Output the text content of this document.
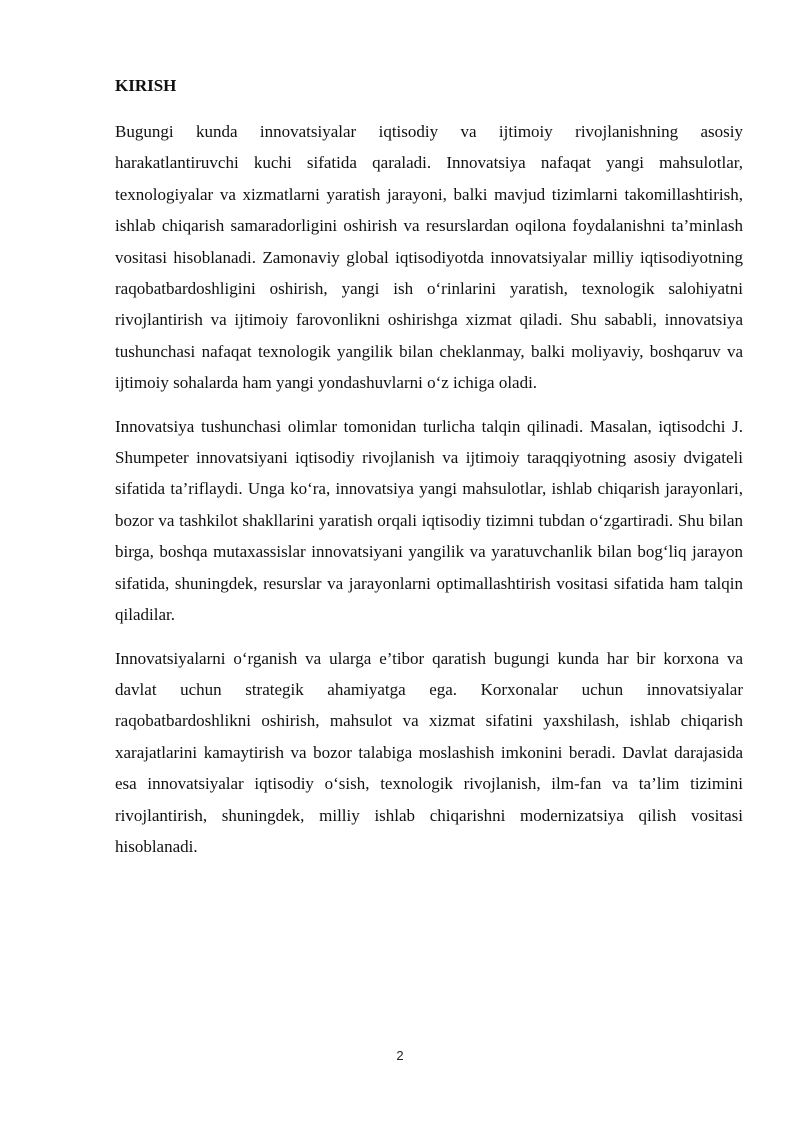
KIRISH

Bugungi kunda innovatsiyalar iqtisodiy va ijtimoiy rivojlanishning asosiy harakatlantiruvchi kuchi sifatida qaraladi. Innovatsiya nafaqat yangi mahsulotlar, texnologiyalar va xizmatlarni yaratish jarayoni, balki mavjud tizimlarni takomillashtirish, ishlab chiqarish samaradorligini oshirish va resurslardan oqilona foydalanishni ta’minlash vositasi hisoblanadi. Zamonaviy global iqtisodiyotda innovatsiyalar milliy iqtisodiyotning raqobatbardoshligini oshirish, yangi ish o‘rinlarini yaratish, texnologik salohiyatni rivojlantirish va ijtimoiy farovonlikni oshirishga xizmat qiladi. Shu sababli, innovatsiya tushunchasi nafaqat texnologik yangilik bilan cheklanmay, balki moliyaviy, boshqaruv va ijtimoiy sohalarda ham yangi yondashuvlarni o‘z ichiga oladi.

Innovatsiya tushunchasi olimlar tomonidan turlicha talqin qilinadi. Masalan, iqtisodchi J. Shumpeter innovatsiyani iqtisodiy rivojlanish va ijtimoiy taraqqiyotning asosiy dvigateli sifatida ta’riflaydi. Unga ko‘ra, innovatsiya yangi mahsulotlar, ishlab chiqarish jarayonlari, bozor va tashkilot shakllarini yaratish orqali iqtisodiy tizimni tubdan o‘zgartiradi. Shu bilan birga, boshqa mutaxassislar innovatsiyani yangilik va yaratuvchanlik bilan bog‘liq jarayon sifatida, shuningdek, resurslar va jarayonlarni optimallashtirish vositasi sifatida ham talqin qiladilar.

Innovatsiyalarni o‘rganish va ularga e’tibor qaratish bugungi kunda har bir korxona va davlat uchun strategik ahamiyatga ega. Korxonalar uchun innovatsiyalar raqobatbardoshlikni oshirish, mahsulot va xizmat sifatini yaxshilash, ishlab chiqarish xarajatlarini kamaytirish va bozor talabiga moslashish imkonini beradi. Davlat darajasida esa innovatsiyalar iqtisodiy o‘sish, texnologik rivojlanish, ilm-fan va ta’lim tizimini rivojlantirish, shuningdek, milliy ishlab chiqarishni modernizatsiya qilish vositasi hisoblanadi.

2
